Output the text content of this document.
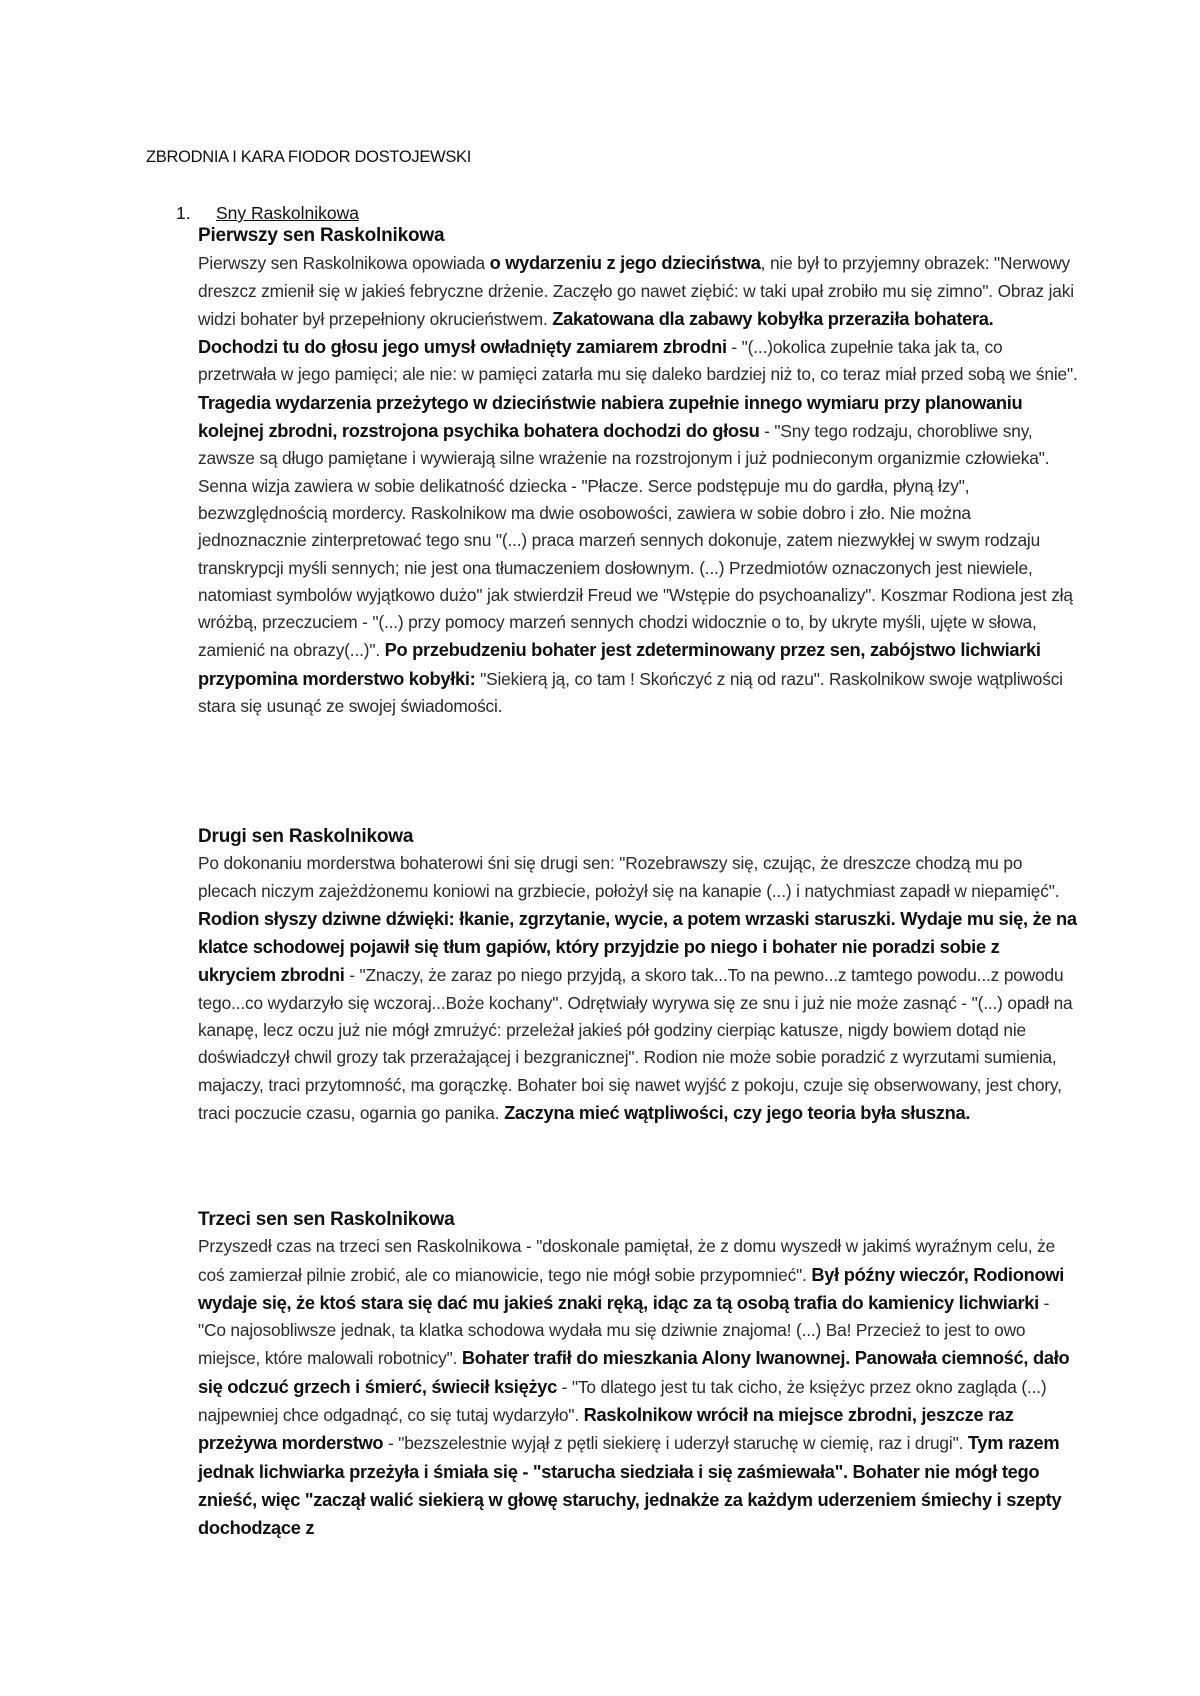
ZBRODNIA I KARA FIODOR DOSTOJEWSKI
1. Sny Raskolnikowa
Pierwszy sen Raskolnikowa
Pierwszy sen Raskolnikowa opowiada o wydarzeniu z jego dzieciństwa, nie był to przyjemny obrazek: "Nerwowy dreszcz zmienił się w jakieś febryczne drżenie. Zaczęło go nawet ziębić: w taki upał zrobiło mu się zimno". Obraz jaki widzi bohater był przepełniony okrucieństwem. Zakatowana dla zabawy kobyłka przeraziła bohatera. Dochodzi tu do głosu jego umysł owładnięty zamiarem zbrodni - "(...)okolica zupełnie taka jak ta, co przetrwała w jego pamięci; ale nie: w pamięci zatarła mu się daleko bardziej niż to, co teraz miał przed sobą we śnie". Tragedia wydarzenia przeżytego w dzieciństwie nabiera zupełnie innego wymiaru przy planowaniu kolejnej zbrodni, rozstrojona psychika bohatera dochodzi do głosu - "Sny tego rodzaju, chorobliwe sny, zawsze są długo pamiętane i wywierają silne wrażenie na rozstrojonym i już podnieconym organizmie człowieka". Senna wizja zawiera w sobie delikatność dziecka - "Płacze. Serce podstępuje mu do gardła, płyną łzy", bezwzględnością mordercy. Raskolnikow ma dwie osobowości, zawiera w sobie dobro i zło. Nie można jednoznacznie zinterpretować tego snu "(...) praca marzeń sennych dokonuje, zatem niezwykłej w swym rodzaju transkrypcji myśli sennych; nie jest ona tłumaczeniem dosłownym. (...) Przedmiotów oznaczonych jest niewiele, natomiast symbolów wyjątkowo dużo" jak stwierdził Freud we "Wstępie do psychoanalizy". Koszmar Rodiona jest złą wróżbą, przeczuciem - "(...) przy pomocy marzeń sennych chodzi widocznie o to, by ukryte myśli, ujęte w słowa, zamienić na obrazy(...)". Po przebudzeniu bohater jest zdeterminowany przez sen, zabójstwo lichwiarki przypomina morderstwo kobyłki: "Siekierą ją, co tam ! Skończyć z nią od razu". Raskolnikow swoje wątpliwości stara się usunąć ze swojej świadomości.
Drugi sen Raskolnikowa
Po dokonaniu morderstwa bohaterowi śni się drugi sen: "Rozebrawszy się, czując, że dreszcze chodzą mu po plecach niczym zajeżdżonemu koniowi na grzbiecie, położył się na kanapie (...) i natychmiast zapadł w niepamięć". Rodion słyszy dziwne dźwięki: łkanie, zgrzytanie, wycie, a potem wrzaski staruszki. Wydaje mu się, że na klatce schodowej pojawił się tłum gapiów, który przyjdzie po niego i bohater nie poradzi sobie z ukryciem zbrodni - "Znaczy, że zaraz po niego przyjdą, a skoro tak...To na pewno...z tamtego powodu...z powodu tego...co wydarzyło się wczoraj...Boże kochany". Odrętwiały wyrywa się ze snu i już nie może zasnąć - "(...) opadł na kanapę, lecz oczu już nie mógł zmrużyć: przeleżał jakieś pół godziny cierpiąc katusze, nigdy bowiem dotąd nie doświadczył chwil grozy tak przerażającej i bezgranicznej". Rodion nie może sobie poradzić z wyrzutami sumienia, majaczy, traci przytomność, ma gorączkę. Bohater boi się nawet wyjść z pokoju, czuje się obserwowany, jest chory, traci poczucie czasu, ogarnia go panika. Zaczyna mieć wątpliwości, czy jego teoria była słuszna.
Trzeci sen sen Raskolnikowa
Przyszedł czas na trzeci sen Raskolnikowa - "doskonale pamiętał, że z domu wyszedł w jakimś wyraźnym celu, że coś zamierzał pilnie zrobić, ale co mianowicie, tego nie mógł sobie przypomnieć". Był późny wieczór, Rodionowi wydaje się, że ktoś stara się dać mu jakieś znaki ręką, idąc za tą osobą trafia do kamienicy lichwiarki - "Co najosobliwsze jednak, ta klatka schodowa wydała mu się dziwnie znajoma! (...) Ba! Przecież to jest to owo miejsce, które malowali robotnicy". Bohater trafił do mieszkania Alony Iwanownej. Panowała ciemność, dało się odczuć grzech i śmierć, świecił księżyc - "To dlatego jest tu tak cicho, że księżyc przez okno zagląda (...) najpewniej chce odgadnąć, co się tutaj wydarzyło". Raskolnikow wrócił na miejsce zbrodni, jeszcze raz przeżywa morderstwo - "bezszelestnie wyjął z pętli siekierę i uderzył staruchę w ciemię, raz i drugi". Tym razem jednak lichwiarka przeżyła i śmiała się - "starucha siedziała i się zaśmiewała". Bohater nie mógł tego znieść, więc "zaczął walić siekierą w głowę staruchy, jednakże za każdym uderzeniem śmiechy i szepty dochodzące z
